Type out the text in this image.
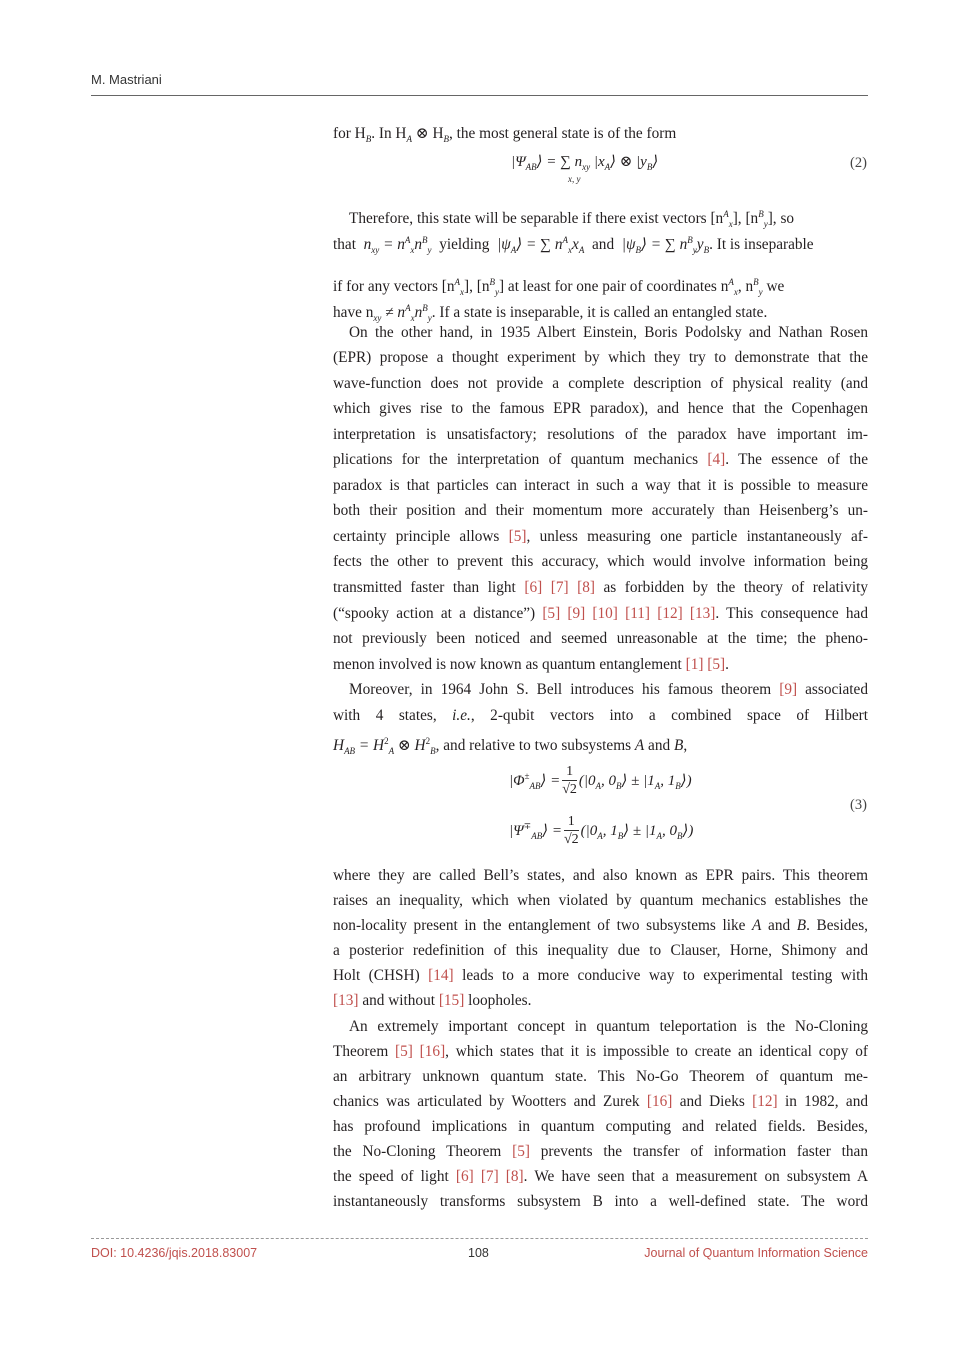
M. Mastriani
for $H_B$. In $H_A$ ⊗ $H_B$, the most general state is of the form
$|\Psi_{AB}⟩$ = ∑ $n_{xy}$ $|x_A⟩$ ⊗ $|y_B⟩$
x, y
(2)
Therefore, this state will be separable if there exist vectors $[n^A_x]$, $[n^B_y]$, so
that $n_{xy} = n^A_xn^B_y$ yielding $|\psi_A⟩$ = ∑ $n^A_xx_A$ and $|\psi_B⟩$ = ∑ $n^B_yy_B$. It is inseparable
if for any vectors $[n^A_x]$, $[n^B_y]$ at least for one pair of coordinates $n^A_x$, $n^B_y$ we
have $n_{xy} \ne n^A_xn^B_y$. If a state is inseparable, it is called an entangled state.
On the other hand, in 1935 Albert Einstein, Boris Podolsky and Nathan Rosen
(EPR) propose a thought experiment by which they try to demonstrate that the
wave-function does not provide a complete description of physical reality (and
which gives rise to the famous EPR paradox), and hence that the Copenhagen
interpretation is unsatisfactory; resolutions of the paradox have important im-
plications for the interpretation of quantum mechanics [4]. The essence of the
paradox is that particles can interact in such a way that it is possible to measure
both their position and their momentum more accurately than Heisenberg’s un-
certainty principle allows [5], unless measuring one particle instantaneously af-
fects the other to prevent this accuracy, which would involve information being
transmitted faster than light [6] [7] [8] as forbidden by the theory of relativity
(“spooky action at a distance”) [5] [9] [10] [11] [12] [13]. This consequence had
not previously been noticed and seemed unreasonable at the time; the pheno-
menon involved is now known as quantum entanglement [1] [5].
Moreover, in 1964 John S. Bell introduces his famous theorem [9] associated
with 4 states, i.e., 2-qubit vectors into a combined space of Hilbert
$H_{AB} = H^2_A$ ⊗ $H^2_B$, and relative to two subsystems A and B,
$|\Phi^\pm_{AB}⟩ = \frac{1}{√2} (|0_A$, $0_B⟩ \pm |1_A$, $1_B⟩$)
$|\Psi^\mp_{AB}⟩ = \frac{1}{√2} (|0_A$, $1_B⟩ \pm |1_A$, $0_B⟩$)
(3)
where they are called Bell’s states, and also known as EPR pairs. This theorem
raises an inequality, which when violated by quantum mechanics establishes the
non-locality present in the entanglement of two subsystems like A and B. Besides,
a posterior redefinition of this inequality due to Clauser, Horne, Shimony and
Holt (CHSH) [14] leads to a more conducive way to experimental testing with
[13] and without [15] loopholes.
An extremely important concept in quantum teleportation is the No-Cloning
Theorem [5] [16], which states that it is impossible to create an identical copy of
an arbitrary unknown quantum state. This No-Go Theorem of quantum me-
chanics was articulated by Wootters and Zurek [16] and Dieks [12] in 1982, and
has profound implications in quantum computing and related fields. Besides,
the No-Cloning Theorem [5] prevents the transfer of information faster than
the speed of light [6] [7] [8]. We have seen that a measurement on subsystem A
instantaneously transforms subsystem B into a well-defined state. The word
DOI: 10.4236/jqis.2018.83007	108	Journal of Quantum Information Science
